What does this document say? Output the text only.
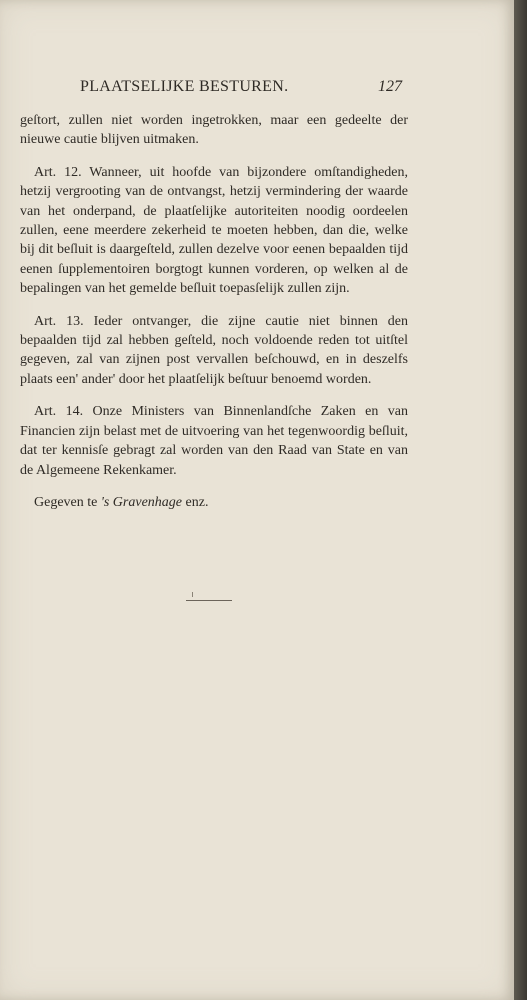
PLAATSELIJKE BESTUREN.	127

geſtort, zullen niet worden ingetrokken, maar een gedeelte der nieuwe cautie blijven uitmaken.

Art. 12. Wanneer, uit hoofde van bijzondere omſtandigheden, hetzij vergrooting van de ontvangst, hetzij vermindering der waarde van het onderpand, de plaatſelijke autoriteiten noodig oordeelen zullen, eene meerdere zekerheid te moeten hebben, dan die, welke bij dit beſluit is daargeſteld, zullen dezelve voor eenen bepaalden tijd eenen ſupplementoiren borgtogt kunnen vorderen, op welken al de bepalingen van het gemelde beſluit toepasſelijk zullen zijn.

Art. 13. Ieder ontvanger, die zijne cautie niet binnen den bepaalden tijd zal hebben geſteld, noch voldoende reden tot uitſtel gegeven, zal van zijnen post vervallen beſchouwd, en in deszelfs plaats een' ander' door het plaatſelijk beſtuur benoemd worden.

Art. 14. Onze Ministers van Binnenlandſche Zaken en van Financien zijn belast met de uitvoering van het tegenwoordig beſluit, dat ter kennisſe gebragt zal worden van den Raad van State en van de Algemeene Rekenkamer.

Gegeven te 's Gravenhage enz.
